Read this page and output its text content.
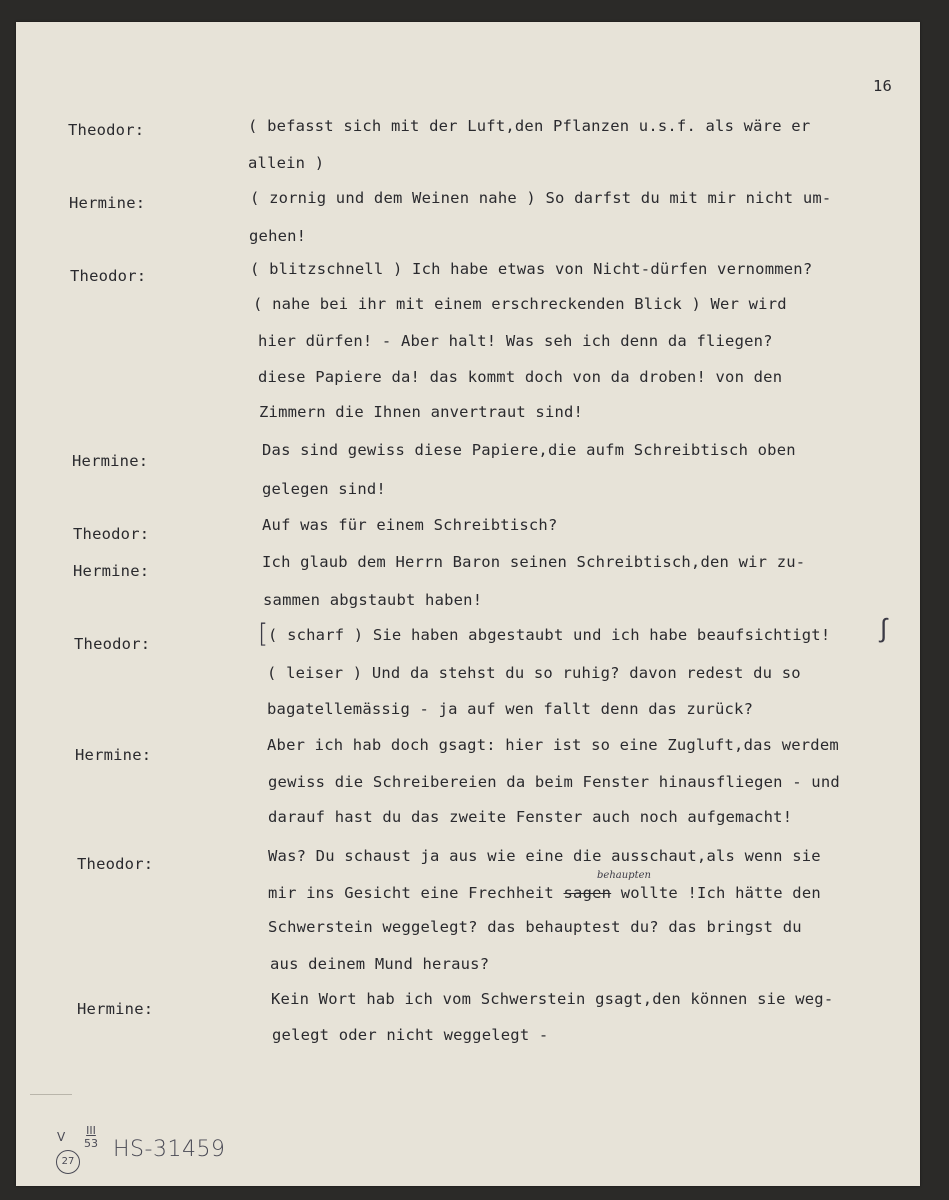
16
Theodor:
Hermine:
Theodor:
Hermine:
Theodor:
Hermine:
Theodor:
Hermine:
Theodor:
Hermine:
( befasst sich mit der Luft,den Pflanzen u.s.f. als wäre er
allein )
( zornig und dem Weinen nahe ) So darfst du mit mir nicht um-
gehen!
( blitzschnell ) Ich habe etwas von Nicht-dürfen vernommen?
( nahe bei ihr mit einem erschreckenden Blick ) Wer wird
hier dürfen! - Aber halt! Was seh ich denn da fliegen?
diese Papiere da! das kommt doch von da droben! von den
Zimmern die Ihnen anvertraut sind!
Das sind gewiss diese Papiere,die aufm Schreibtisch oben
gelegen sind!
Auf was für einem Schreibtisch?
Ich glaub dem Herrn Baron seinen Schreibtisch,den wir zu-
sammen abgstaubt haben!
[ ( scharf ) Sie haben abgestaubt und ich habe beaufsichtigt! ∫
( leiser ) Und da stehst du so ruhig? davon redest du so
bagatellemässig - ja auf wen fallt denn das zurück?
Aber ich hab doch gsagt: hier ist so eine Zugluft,das werdem
gewiss die Schreibereien da beim Fenster hinausfliegen - und
darauf hast du das zweite Fenster auch noch aufgemacht!
Was? Du schaust ja aus wie eine die ausschaut,als wenn sie
mir ins Gesicht eine Frechheit sagen wollte !Ich hätte den
behaupten
Schwerstein weggelegt? das behauptest du? das bringst du
aus deinem Mund heraus?
Kein Wort hab ich vom Schwerstein gsagt,den können sie weg-
gelegt oder nicht weggelegt -
V III
53
27 HS-31459
